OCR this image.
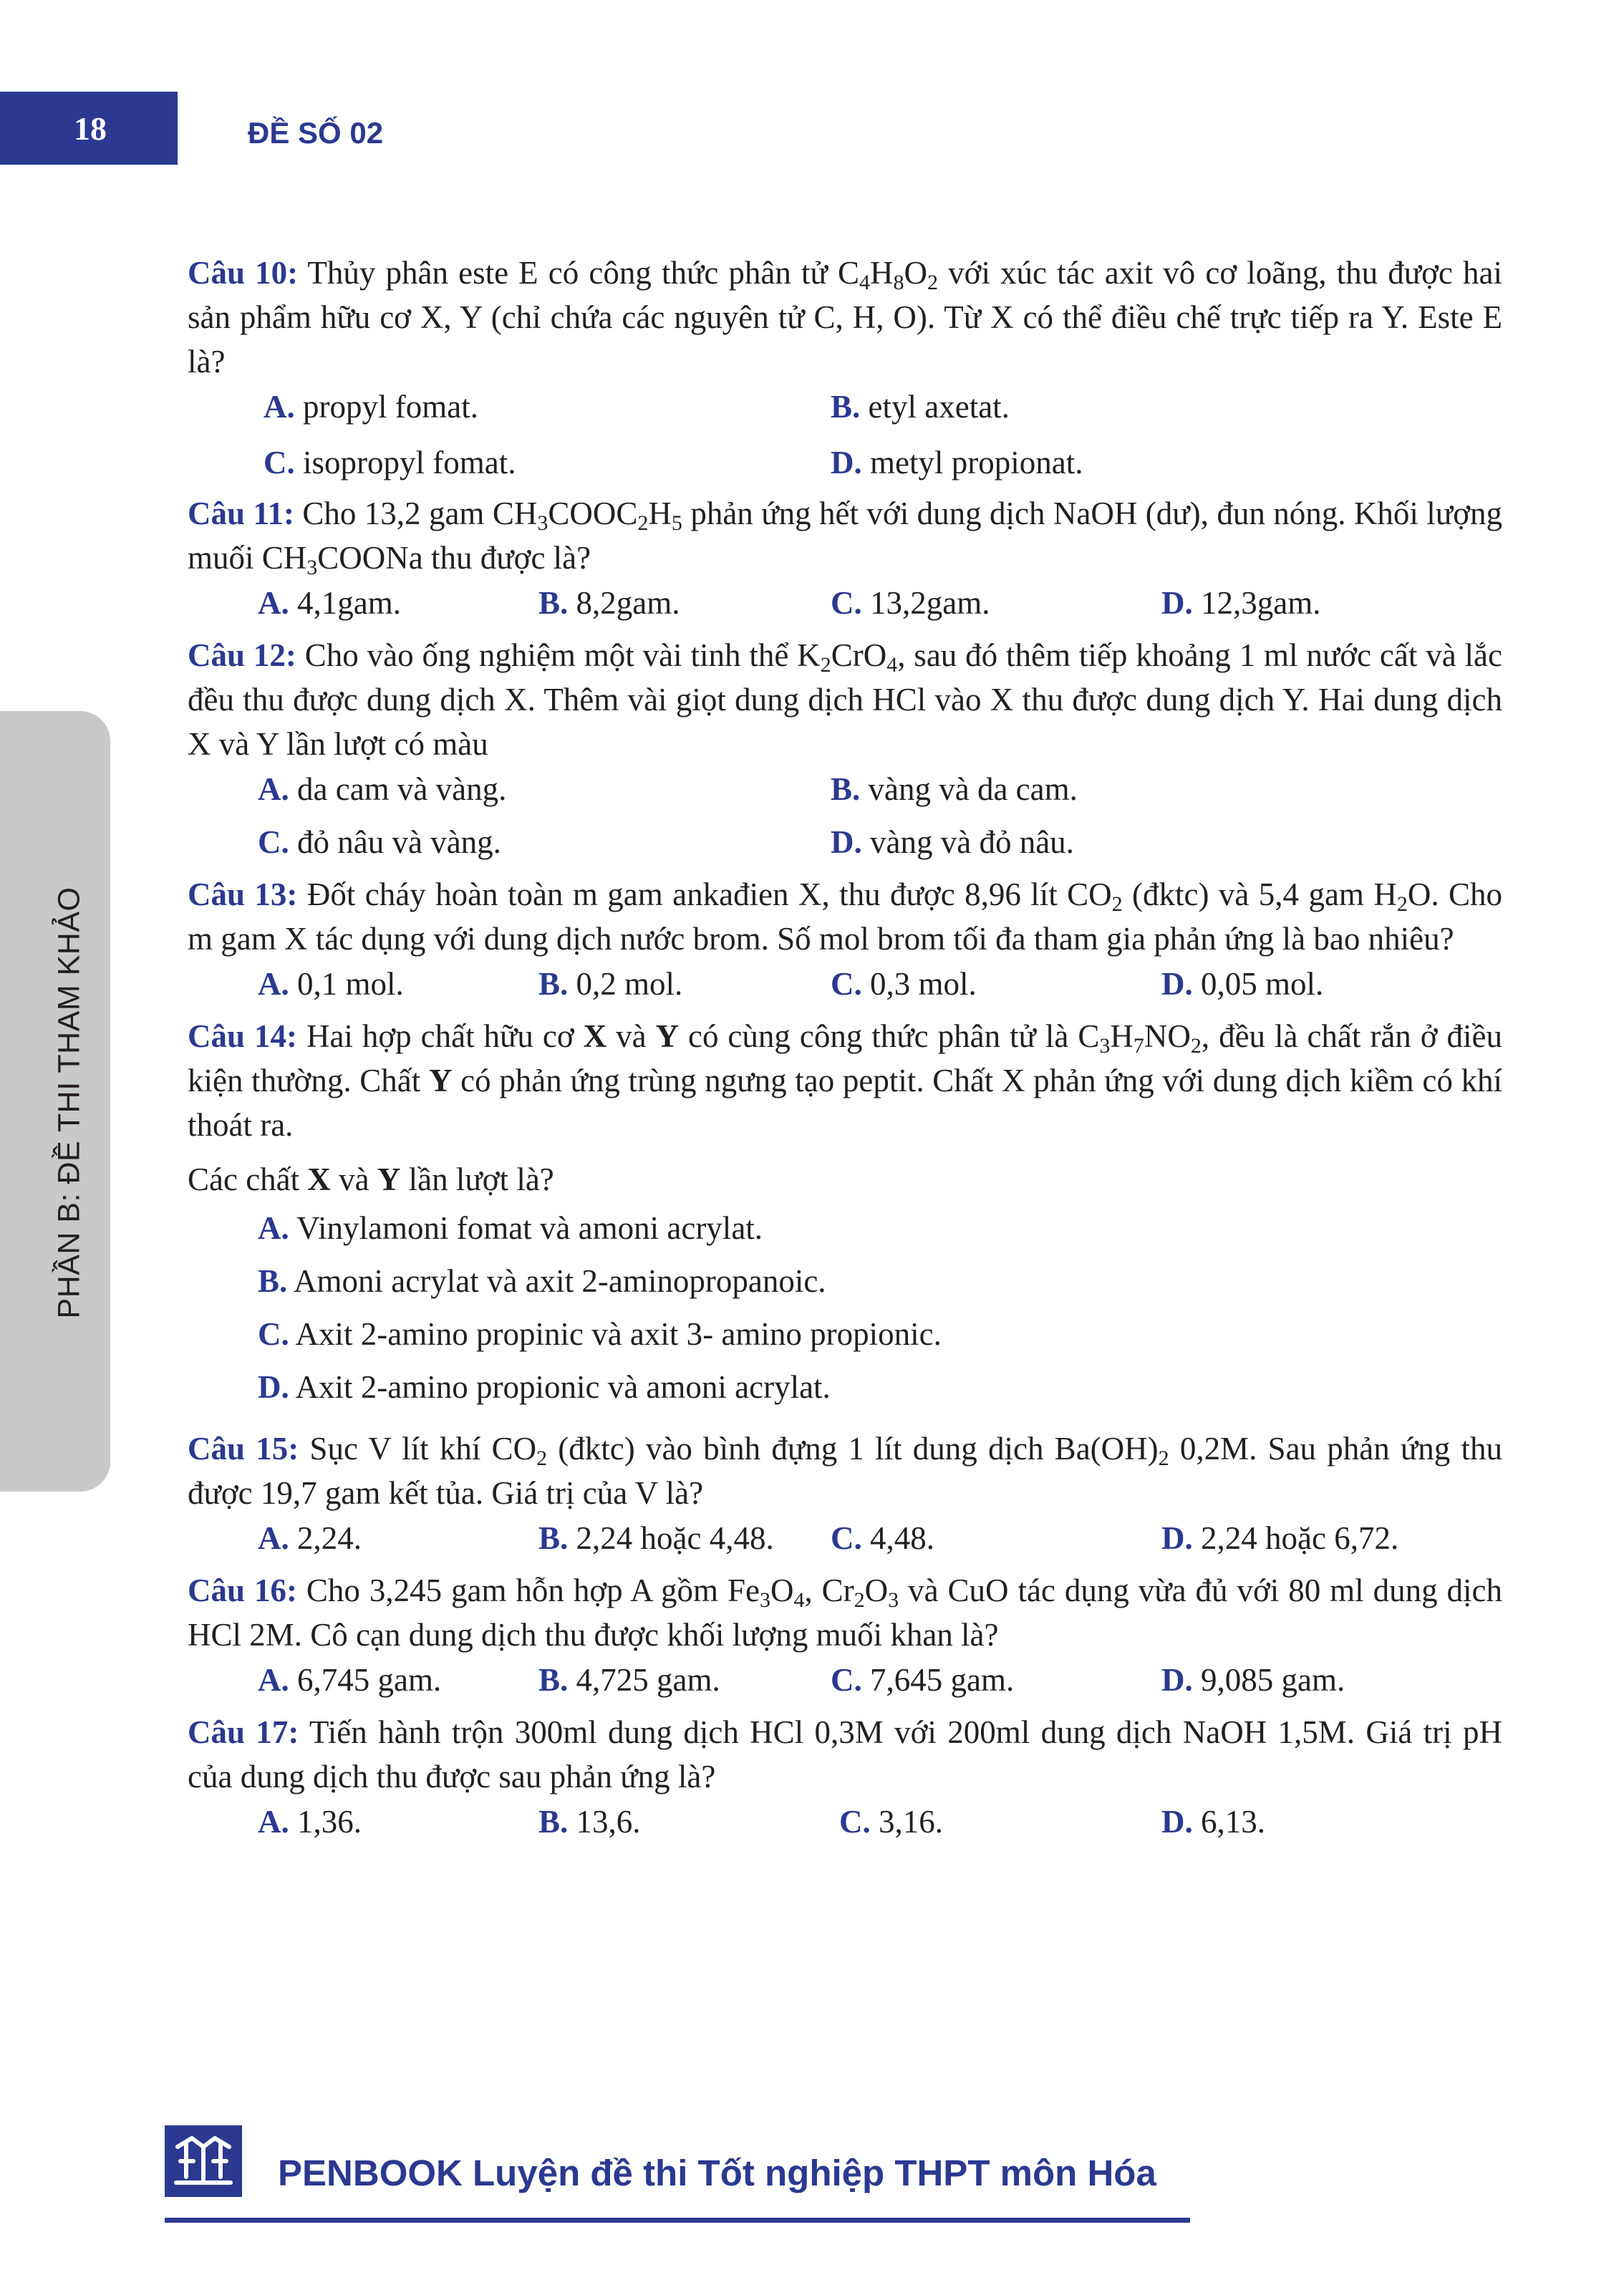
18	ĐỀ SỐ 02
PHẦN B: ĐỀ THI THAM KHẢO
Câu 10: Thủy phân este E có công thức phân tử $C_4H_8O_2$ với xúc tác axit vô cơ loãng, thu được hai sản phẩm hữu cơ X, Y (chỉ chứa các nguyên tử C, H, O). Từ X có thể điều chế trực tiếp ra Y. Este E là?
A. propyl fomat.	B. etyl axetat.
C. isopropyl fomat.	D. metyl propionat.
Câu 11: Cho 13,2 gam $CH_3COOC_2H_5$ phản ứng hết với dung dịch NaOH (dư), đun nóng. Khối lượng muối $CH_3COONa$ thu được là?
A. 4,1gam.	B. 8,2gam.	C. 13,2gam.	D. 12,3gam.
Câu 12: Cho vào ống nghiệm một vài tinh thể $K_2CrO_4$, sau đó thêm tiếp khoảng 1 ml nước cất và lắc đều thu được dung dịch X. Thêm vài giọt dung dịch HCl vào X thu được dung dịch Y. Hai dung dịch X và Y lần lượt có màu
A. da cam và vàng.	B. vàng và da cam.
C. đỏ nâu và vàng.	D. vàng và đỏ nâu.
Câu 13: Đốt cháy hoàn toàn m gam ankađien X, thu được 8,96 lít $CO_2$ (đktc) và 5,4 gam $H_2O$. Cho m gam X tác dụng với dung dịch nước brom. Số mol brom tối đa tham gia phản ứng là bao nhiêu?
A. 0,1 mol.	B. 0,2 mol.	C. 0,3 mol.	D. 0,05 mol.
Câu 14: Hai hợp chất hữu cơ X và Y có cùng công thức phân tử là $C_3H_7NO_2$, đều là chất rắn ở điều kiện thường. Chất Y có phản ứng trùng ngưng tạo peptit. Chất X phản ứng với dung dịch kiềm có khí thoát ra.
Các chất X và Y lần lượt là?
A. Vinylamoni fomat và amoni acrylat.
B. Amoni acrylat và axit 2-aminopropanoic.
C. Axit 2-amino propinic và axit 3- amino propionic.
D. Axit 2-amino propionic và amoni acrylat.
Câu 15: Sục V lít khí $CO_2$ (đktc) vào bình đựng 1 lít dung dịch $Ba(OH)_2$ 0,2M. Sau phản ứng thu được 19,7 gam kết tủa. Giá trị của V là?
A. 2,24.	B. 2,24 hoặc 4,48. C. 4,48.	D. 2,24 hoặc 6,72.
Câu 16: Cho 3,245 gam hỗn hợp A gồm $Fe_3O_4$, $Cr_2O_3$ và CuO tác dụng vừa đủ với 80 ml dung dịch HCl 2M. Cô cạn dung dịch thu được khối lượng muối khan là?
A. 6,745 gam.	B. 4,725 gam.	C. 7,645 gam.	D. 9,085 gam.
Câu 17: Tiến hành trộn 300ml dung dịch HCl 0,3M với 200ml dung dịch NaOH 1,5M. Giá trị pH của dung dịch thu được sau phản ứng là?
A. 1,36.	B. 13,6.	C. 3,16.	D. 6,13.
PENBOOK Luyện đề thi Tốt nghiệp THPT môn Hóa
